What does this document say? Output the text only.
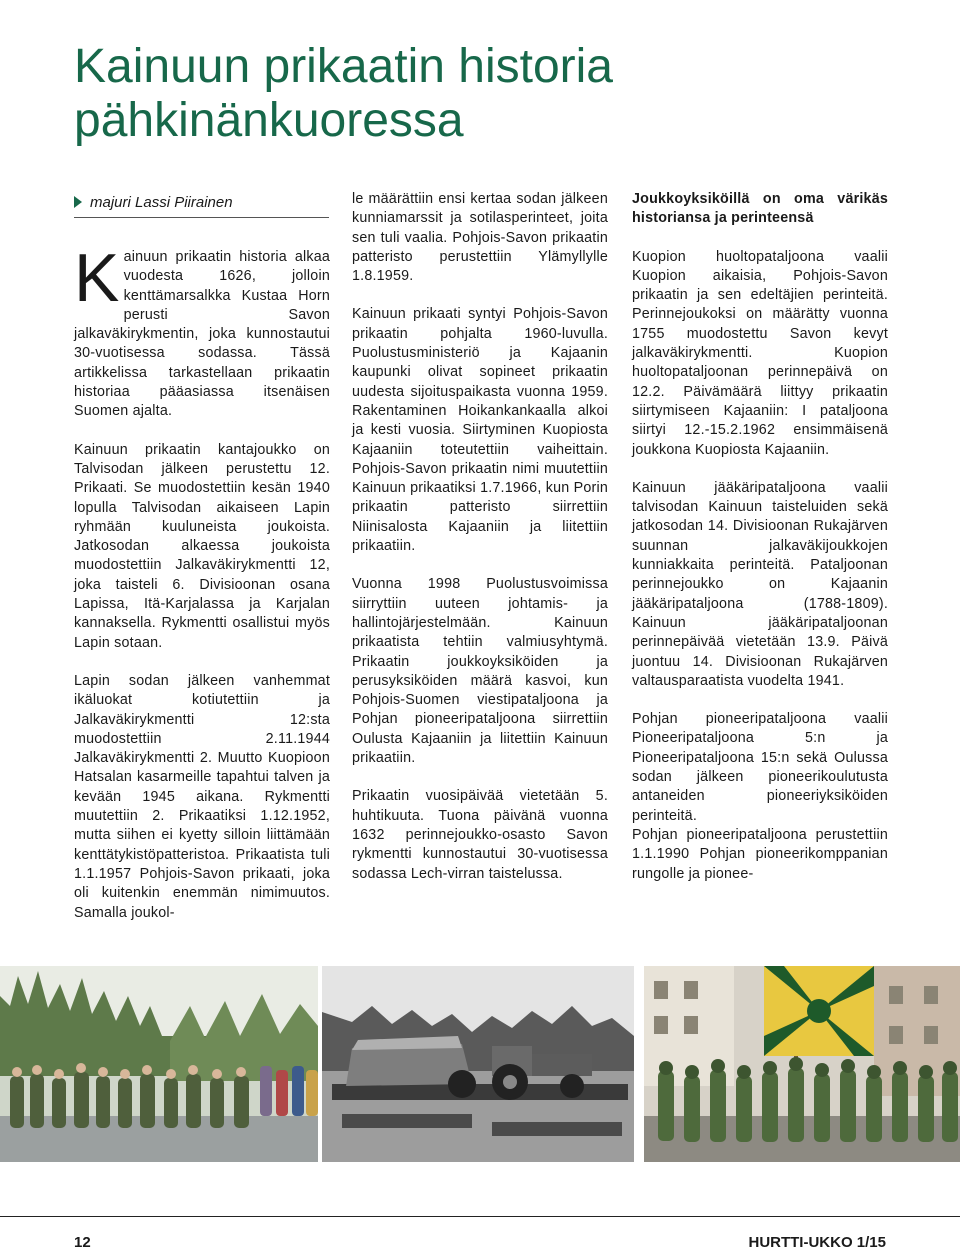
Kainuun prikaatin historia
pähkinänkuoressa
majuri Lassi Piirainen

Kainuun prikaatin historia alkaa vuodesta 1626, jolloin kenttämarsalkka Kustaa Horn perusti Savon jalkaväkirykmentin, joka kunnostautui 30-vuotisessa sodassa. Tässä artikkelissa tarkastellaan prikaatin historiaa pääasiassa itsenäisen Suomen ajalta.

Kainuun prikaatin kantajoukko on Talvisodan jälkeen perustettu 12. Prikaati. Se muodostettiin kesän 1940 lopulla Talvisodan aikaiseen Lapin ryhmään kuuluneista joukoista. Jatkosodan alkaessa joukoista muodostettiin Jalkaväkirykmentti 12, joka taisteli 6. Divisioonan osana Lapissa, Itä-Karjalassa ja Karjalan kannaksella. Rykmentti osallistui myös Lapin sotaan.

Lapin sodan jälkeen vanhemmat ikäluokat kotiutettiin ja Jalkaväkirykmentti 12:sta muodostettiin 2.11.1944 Jalkaväkirykmentti 2. Muutto Kuopioon Hatsalan kasarmeille tapahtui talven ja kevään 1945 aikana. Rykmentti muutettiin 2. Prikaatiksi 1.12.1952, mutta siihen ei kyetty silloin liittämään kenttätykistöpatteristoa. Prikaatista tuli 1.1.1957 Pohjois-Savon prikaati, joka oli kuitenkin enemmän nimimuutos. Samalla joukol-

le määrättiin ensi kertaa sodan jälkeen kunniamarssit ja sotilasperinteet, joita sen tuli vaalia. Pohjois-Savon prikaatin patteristo perustettiin Ylämyllylle 1.8.1959.

Kainuun prikaati syntyi Pohjois-Savon prikaatin pohjalta 1960-luvulla. Puolustusministeriö ja Kajaanin kaupunki olivat sopineet prikaatin uudesta sijoituspaikasta vuonna 1959. Rakentaminen Hoikankankaalla alkoi ja kesti vuosia. Siirtyminen Kuopiosta Kajaaniin toteutettiin vaiheittain. Pohjois-Savon prikaatin nimi muutettiin Kainuun prikaatiksi 1.7.1966, kun Porin prikaatin patteristo siirrettiin Niinisalosta Kajaaniin ja liitettiin prikaatiin.

Vuonna 1998 Puolustusvoimissa siirryttiin uuteen johtamis- ja hallintojärjestelmään. Kainuun prikaatista tehtiin valmiusyhtymä. Prikaatin joukkoyksiköiden ja perusyksiköiden määrä kasvoi, kun Pohjois-Suomen viestipataljoona ja Pohjan pioneeripataljoona siirrettiin Oulusta Kajaaniin ja liitettiin Kainuun prikaatiin.

Prikaatin vuosipäivää vietetään 5. huhtikuuta. Tuona päivänä vuonna 1632 perinnejoukko-osasto Savon rykmentti kunnostautui 30-vuotisessa sodassa Lech-virran taistelussa.

Joukkoyksiköillä on oma värikäs historiansa ja perinteensä

Kuopion huoltopataljoona vaalii Kuopion aikaisia, Pohjois-Savon prikaatin ja sen edeltäjien perinteitä. Perinnejoukoksi on määrätty vuonna 1755 muodostettu Savon kevyt jalkaväkirykmentti. Kuopion huoltopataljoonan perinnepäivä on 12.2. Päivämäärä liittyy prikaatin siirtymiseen Kajaaniin: I pataljoona siirtyi 12.-15.2.1962 ensimmäisenä joukkona Kuopiosta Kajaaniin.

Kainuun jääkäripataljoona vaalii talvisodan Kainuun taisteluiden sekä jatkosodan 14. Divisioonan Rukajärven suunnan jalkaväkijoukkojen kunniakkaita perinteitä. Pataljoonan perinnejoukko on Kajaanin jääkäripataljoona (1788-1809). Kainuun jääkäripataljoonan perinnepäivää vietetään 13.9. Päivä juontuu 14. Divisioonan Rukajärven valtausparaatista vuodelta 1941.

Pohjan pioneeripataljoona vaalii Pioneeripataljoona 5:n ja Pioneeripataljoona 15:n sekä Oulussa sodan jälkeen pioneerikoulutusta antaneiden pioneeriyksiköiden perinteitä.

Pohjan pioneeripataljoona perustettiin 1.1.1990 Pohjan pioneerikomppanian rungolle ja pionee-

12	HURTTI-UKKO 1/15
